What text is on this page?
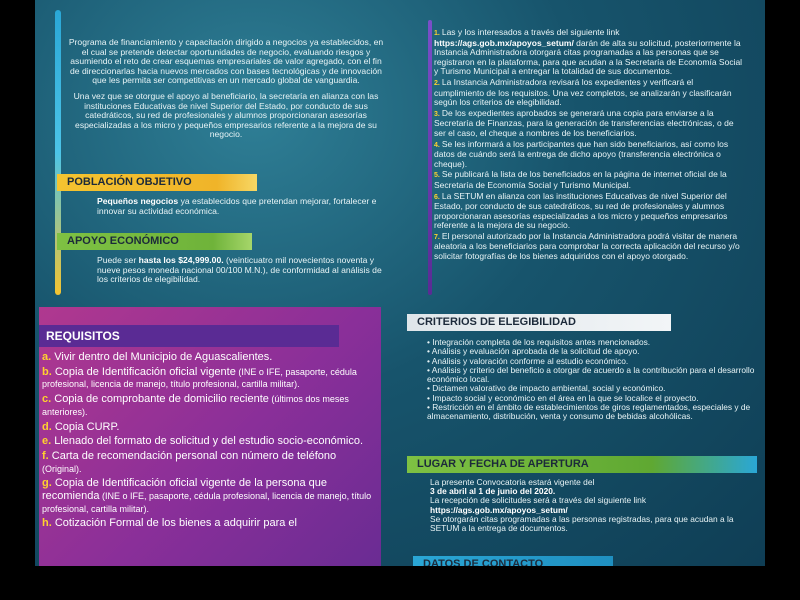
Programa de financiamiento y capacitación dirigido a negocios ya establecidos, en el cual se pretende detectar oportunidades de negocio, evaluando riesgos y asumiendo el reto de crear esquemas empresariales de valor agregado, con el fin de direccionarlas hacia nuevos mercados con bases tecnológicas y de innovación que les permita ser competitivas en un mercado global de vanguardia.

Una vez que se otorgue el apoyo al beneficiario, la secretaría en alianza con las instituciones Educativas de nivel Superior del Estado, por conducto de sus catedráticos, su red de profesionales y alumnos proporcionaran asesorías especializadas a los micro y pequeños empresarios referente a la mejora de su negocio.

POBLACIÓN OBJETIVO
Pequeños negocios ya establecidos que pretendan mejorar, fortalecer e innovar su actividad económica.
APOYO ECONÓMICO
Puede ser hasta los $24,999.00. (veinticuatro mil novecientos noventa y nueve pesos moneda nacional 00/100 M.N.), de conformidad al análisis de los criterios de elegibilidad.
REQUISITOS
a. Vivir dentro del Municipio de Aguascalientes.
b. Copia de Identificación oficial vigente (INE o IFE, pasaporte, cédula profesional, licencia de manejo, título profesional, cartilla militar).
c. Copia de comprobante de domicilio reciente (últimos dos meses anteriores).
d. Copia CURP.
e. Llenado del formato de solicitud y del estudio socio-económico.
f. Carta de recomendación personal con número de teléfono (Original).
g. Copia de Identificación oficial vigente de la persona que recomienda (INE o IFE, pasaporte, cédula profesional, licencia de manejo, título profesional, cartilla militar).
h. Cotización Formal de los bienes a adquirir para el
1. Las y los interesados a través del siguiente link
https://ags.gob.mx/apoyos_setum/ darán de alta su solicitud, posteriormente la Instancia Administradora otorgará citas programadas a las personas que se registraron en la plataforma, para que acudan a la Secretaría de Economía Social y Turismo Municipal a entregar la totalidad de sus documentos.
2. La Instancia Administradora revisará los expedientes y verificará el cumplimiento de los requisitos. Una vez completos, se analizarán y clasificarán según los criterios de elegibilidad.
3. De los expedientes aprobados se generará una copia para enviarse a la Secretaría de Finanzas, para la generación de transferencias electrónicas, o de ser el caso, el cheque a nombres de los beneficiarios.
4. Se les informará a los participantes que han sido beneficiarios, así como los datos de cuándo será la entrega de dicho apoyo (transferencia electrónica o cheque).
5. Se publicará la lista de los beneficiados en la página de internet oficial de la Secretaría de Economía Social y Turismo Municipal.
6. La SETUM en alianza con las instituciones Educativas de nivel Superior del Estado, por conducto de sus catedráticos, su red de profesionales y alumnos proporcionaran asesorías especializadas a los micro y pequeños empresarios referente a la mejora de su negocio.
7. El personal autorizado por la Instancia Administradora podrá visitar de manera aleatoria a los beneficiarios para comprobar la correcta aplicación del recurso y/o solicitar fotografías de los bienes adquiridos con el apoyo otorgado.
CRITERIOS DE ELEGIBILIDAD
• Integración completa de los requisitos antes mencionados.
• Análisis y evaluación aprobada de la solicitud de apoyo.
• Análisis y valoración conforme al estudio económico.
• Análisis y criterio del beneficio a otorgar de acuerdo a la contribución para el desarrollo económico local.
• Dictamen valorativo de impacto ambiental, social y económico.
• Impacto social y económico en el área en la que se localice el proyecto.
• Restricción en el ámbito de establecimientos de giros reglamentados, especiales y de almacenamiento, distribución, venta y consumo de bebidas alcohólicas.
LUGAR Y FECHA DE APERTURA
La presente Convocatoria estará vigente del
3 de abril al 1 de junio del 2020.
La recepción de solicitudes será a través del siguiente link
https://ags.gob.mx/apoyos_setum/
Se otorgarán citas programadas a las personas registradas, para que acudan a la SETUM a la entrega de documentos.
DATOS DE CONTACTO
